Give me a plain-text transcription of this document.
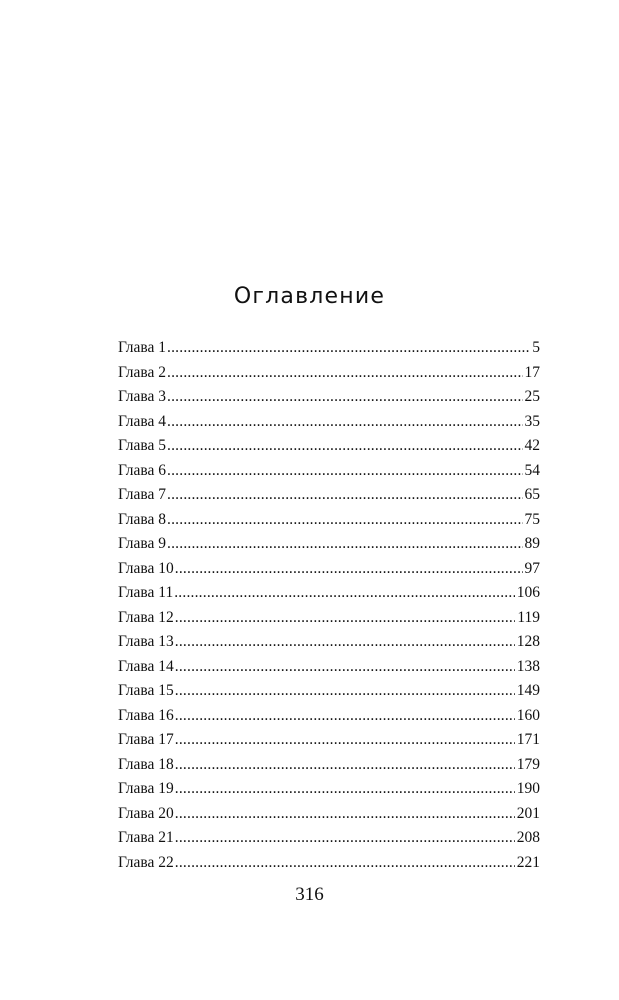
Оглавление
Глава 1 .....	5
Глава 2 .....	17
Глава 3 .....	25
Глава 4 .....	35
Глава 5 .....	42
Глава 6 .....	54
Глава 7 .....	65
Глава 8 .....	75
Глава 9 .....	89
Глава 10 .....	97
Глава 11 .....	106
Глава 12 .....	119
Глава 13 .....	128
Глава 14 .....	138
Глава 15 .....	149
Глава 16 .....	160
Глава 17 .....	171
Глава 18 .....	179
Глава 19 .....	190
Глава 20 .....	201
Глава 21 .....	208
Глава 22 .....	221
316
